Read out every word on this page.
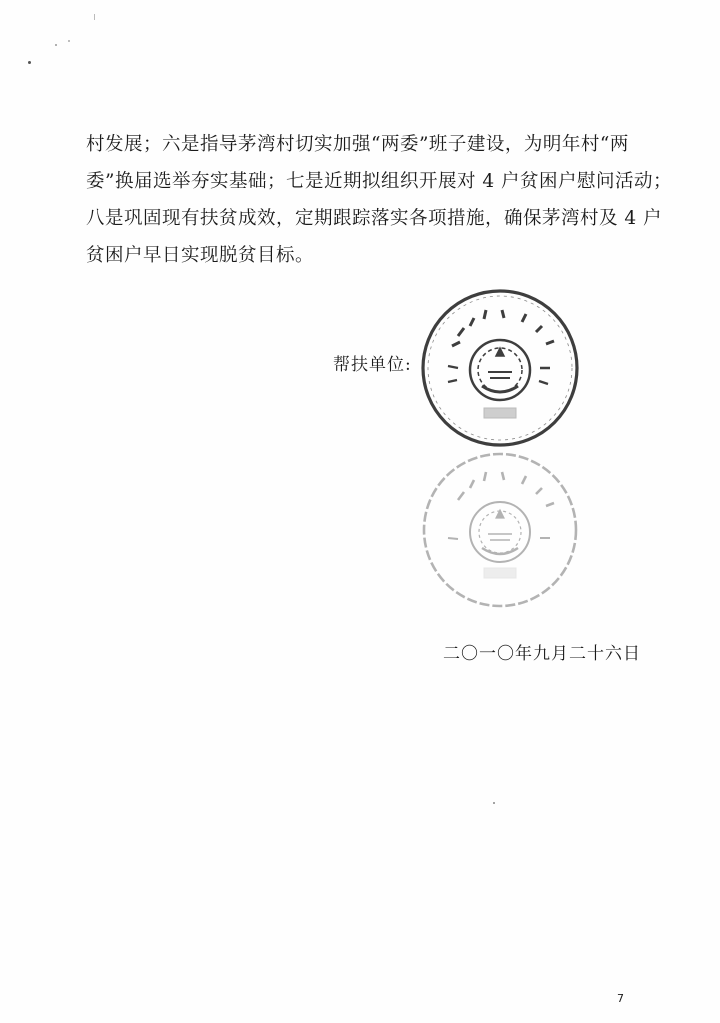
村发展；六是指导茅湾村切实加强“两委”班子建设，为明年村“两
委”换届选举夯实基础；七是近期拟组织开展对 4 户贫困户慰问活动；
八是巩固现有扶贫成效，定期跟踪落实各项措施，确保茅湾村及 4 户
贫困户早日实现脱贫目标。
帮扶单位:
二〇一〇年九月二十六日
7
